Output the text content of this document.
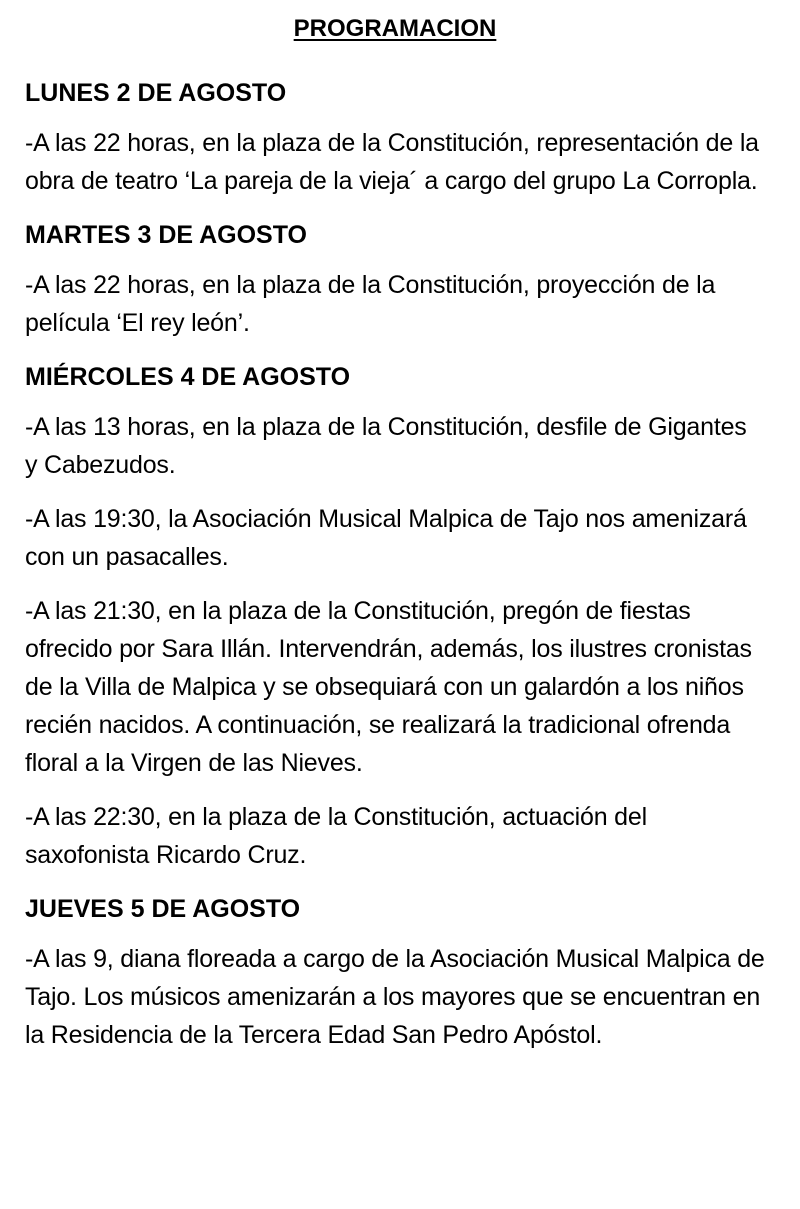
PROGRAMACION
LUNES 2 DE AGOSTO

-A las 22 horas, en la plaza de la Constitución, representación de la obra de teatro ‘La pareja de la vieja´ a cargo del grupo La Corropla.

MARTES 3 DE AGOSTO

-A las 22 horas, en la plaza de la Constitución, proyección de la película ‘El rey león’.

MIÉRCOLES 4 DE AGOSTO

-A las 13 horas, en la plaza de la Constitución, desfile de Gigantes y Cabezudos.

-A las 19:30, la Asociación Musical Malpica de Tajo nos amenizará con un pasacalles.

-A las 21:30, en la plaza de la Constitución, pregón de fiestas ofrecido por Sara Illán. Intervendrán, además, los ilustres cronistas de la Villa de Malpica y se obsequiará con un galardón a los niños recién nacidos. A continuación, se realizará la tradicional ofrenda floral a la Virgen de las Nieves.

-A las 22:30, en la plaza de la Constitución, actuación del saxofonista Ricardo Cruz.

JUEVES 5 DE AGOSTO

-A las 9, diana floreada a cargo de la Asociación Musical Malpica de Tajo. Los músicos amenizarán a los mayores que se encuentran en la Residencia de la Tercera Edad San Pedro Apóstol.
